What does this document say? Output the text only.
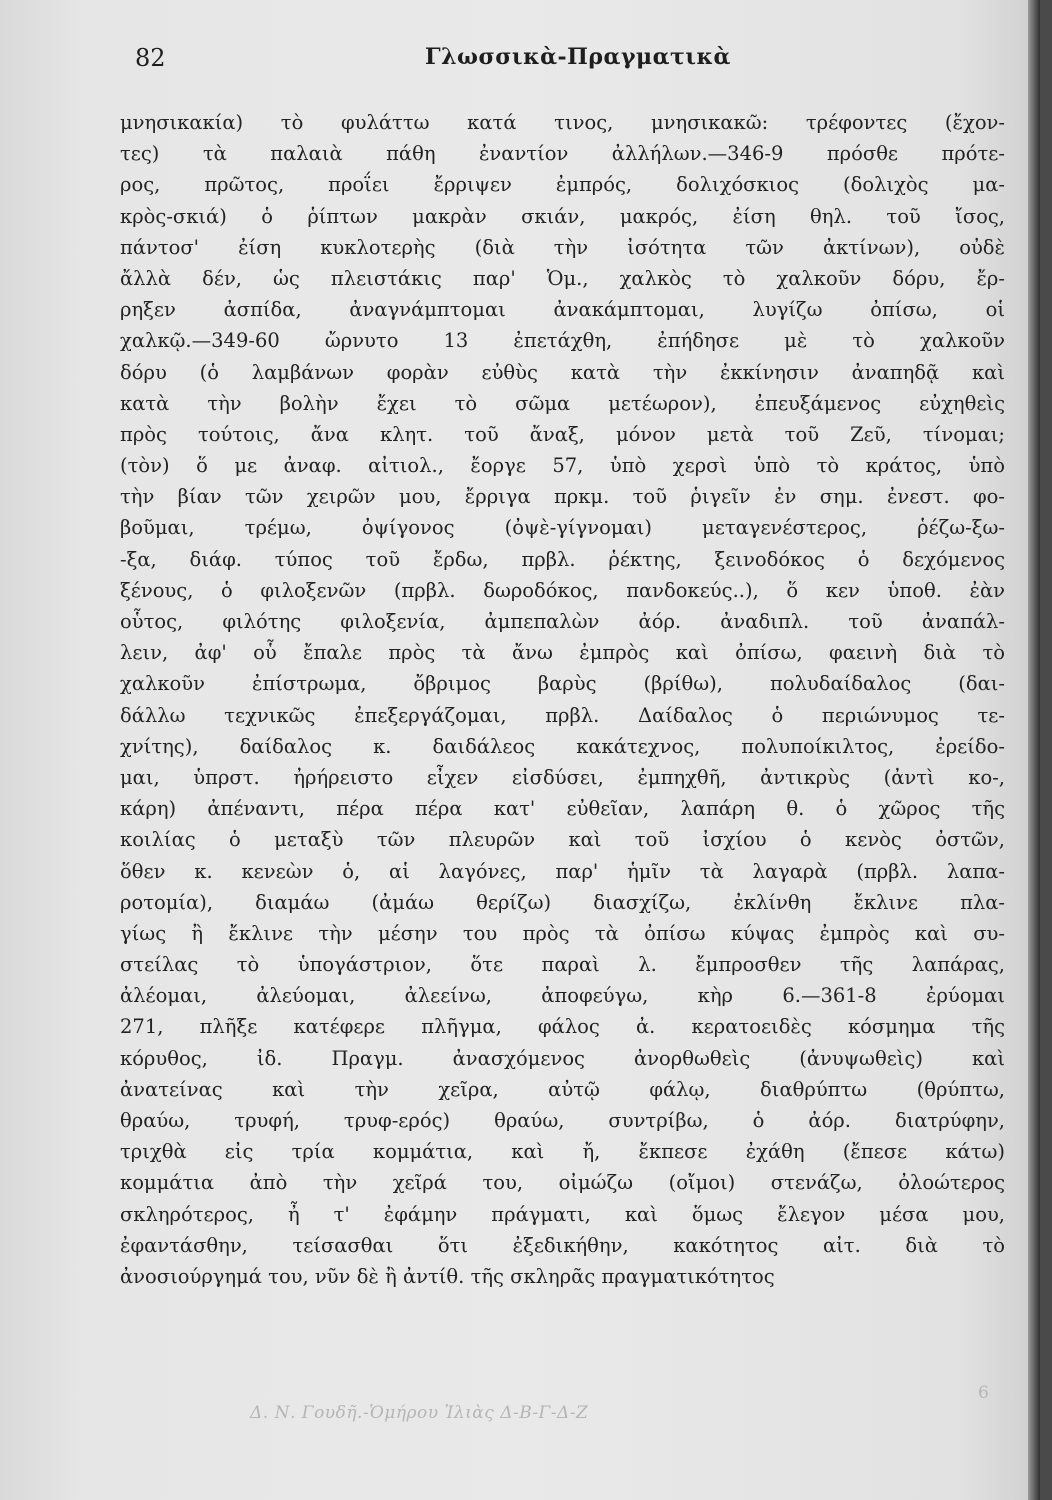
82	Γλωσσικὰ-Πραγματικὰ
μνησικακία) τὸ φυλάττω κατά τινος, μνησικακῶ: τρέφοντες (ἔχον-
τες) τὰ παλαιὰ πάθη ἐναντίον ἀλλήλων.—346-9 πρόσθε πρότε-
ρος, πρῶτος, προΐει ἔρριψεν ἐμπρός, δολιχόσκιος (δολιχὸς μα-
κρὸς-σκιά) ὁ ῥίπτων μακρὰν σκιάν, μακρός, ἐίση θηλ. τοῦ ἴσος,
πάντοσ' ἐίση κυκλοτερὴς (διὰ τὴν ἰσότητα τῶν ἀκτίνων), οὐδὲ
ἄλλὰ δέν, ὡς πλειστάκις παρ' Ὁμ., χαλκὸς τὸ χαλκοῦν δόρυ, ἔρ-
ρηξεν ἀσπίδα, ἀναγνάμπτομαι ἀνακάμπτομαι, λυγίζω ὀπίσω, οἱ
χαλκῷ.—349-60 ὤρνυτο 13 ἐπετάχθη, ἐπήδησε μὲ τὸ χαλκοῦν
δόρυ (ὁ λαμβάνων φορὰν εὐθὺς κατὰ τὴν ἐκκίνησιν ἀναπηδᾷ καὶ
κατὰ τὴν βολὴν ἔχει τὸ σῶμα μετέωρον), ἐπευξάμενος εὐχηθεὶς
πρὸς τούτοις, ἄνα κλητ. τοῦ ἄναξ, μόνον μετὰ τοῦ Ζεῦ, τίνομαι;
(τὸν) ὅ με ἀναφ. αἰτιολ., ἔοργε 57, ὑπὸ χερσὶ ὑπὸ τὸ κράτος, ὑπὸ
τὴν βίαν τῶν χειρῶν μου, ἔρριγα πρκμ. τοῦ ῥιγεῖν ἐν σημ. ἐνεστ. φο-
βοῦμαι, τρέμω, ὀψίγονος (ὀψὲ-γίγνομαι) μεταγενέστερος, ῥέζω-ξω-
-ξα, διάφ. τύπος τοῦ ἔρδω, πρβλ. ῥέκτης, ξεινοδόκος ὁ δεχόμενος
ξένους, ὁ φιλοξενῶν (πρβλ. δωροδόκος, πανδοκεύς..), ὅ κεν ὑποθ. ἐὰν
οὗτος, φιλότης φιλοξενία, ἀμπεπαλὼν ἀόρ. ἀναδιπλ. τοῦ ἀναπάλ-
λειν, ἀφ' οὗ ἔπαλε πρὸς τὰ ἄνω ἐμπρὸς καὶ ὀπίσω, φαεινὴ διὰ τὸ
χαλκοῦν ἐπίστρωμα, ὄβριμος βαρὺς (βρίθω), πολυδαίδαλος (δαι-
δάλλω τεχνικῶς ἐπεξεργάζομαι, πρβλ. Δαίδαλος ὁ περιώνυμος τε-
χνίτης), δαίδαλος κ. δαιδάλεος κακάτεχνος, πολυποίκιλτος, ἐρείδο-
μαι, ὑπρστ. ἠρήρειστο εἶχεν εἰσδύσει, ἐμπηχθῆ, ἀντικρὺς (ἀντὶ κο-,
κάρη) ἀπέναντι, πέρα πέρα κατ' εὐθεῖαν, λαπάρη θ. ὁ χῶρος τῆς
κοιλίας ὁ μεταξὺ τῶν πλευρῶν καὶ τοῦ ἰσχίου ὁ κενὸς ὀστῶν,
ὅθεν κ. κενεὼν ὁ, αἱ λαγόνες, παρ' ἡμῖν τὰ λαγαρὰ (πρβλ. λαπα-
ροτομία), διαμάω (ἀμάω θερίζω) διασχίζω, ἐκλίνθη ἔκλινε πλα-
γίως ἢ ἔκλινε τὴν μέσην του πρὸς τὰ ὀπίσω κύψας ἐμπρὸς καὶ συ-
στείλας τὸ ὑπογάστριον, ὅτε παραὶ λ. ἔμπροσθεν τῆς λαπάρας,
ἀλέομαι, ἀλεύομαι, ἀλεείνω, ἀποφεύγω, κὴρ 6.—361-8 ἐρύομαι
271, πλῆξε κατέφερε πλῆγμα, φάλος ἀ. κερατοειδὲς κόσμημα τῆς
κόρυθος, ἰδ. Πραγμ. ἀνασχόμενος ἀνορθωθεὶς (ἀνυψωθεὶς) καὶ
ἀνατείνας καὶ τὴν χεῖρα, αὐτῷ φάλῳ, διαθρύπτω (θρύπτω,
θραύω, τρυφή, τρυφ-ερός) θραύω, συντρίβω, ὁ ἀόρ. διατρύφην,
τριχθὰ εἰς τρία κομμάτια, καὶ ἤ, ἔκπεσε ἐχάθη (ἔπεσε κάτω)
κομμάτια ἀπὸ τὴν χεῖρά του, οἰμώζω (οἴμοι) στενάζω, ὀλοώτερος
σκληρότερος, ἦ τ' ἐφάμην πράγματι, καὶ ὅμως ἔλεγον μέσα μου,
ἐφαντάσθην, τείσασθαι ὅτι ἐξεδικήθην, κακότητος αἰτ. διὰ τὸ
ἀνοσιούργημά του, νῦν δὲ ἢ ἀντίθ. τῆς σκληρᾶς πραγματικότητος
Δ. Ν. Γουδῆ.-Ὁμήρου Ἰλιὰς Δ-Β-Γ-Δ-Ζ
6
